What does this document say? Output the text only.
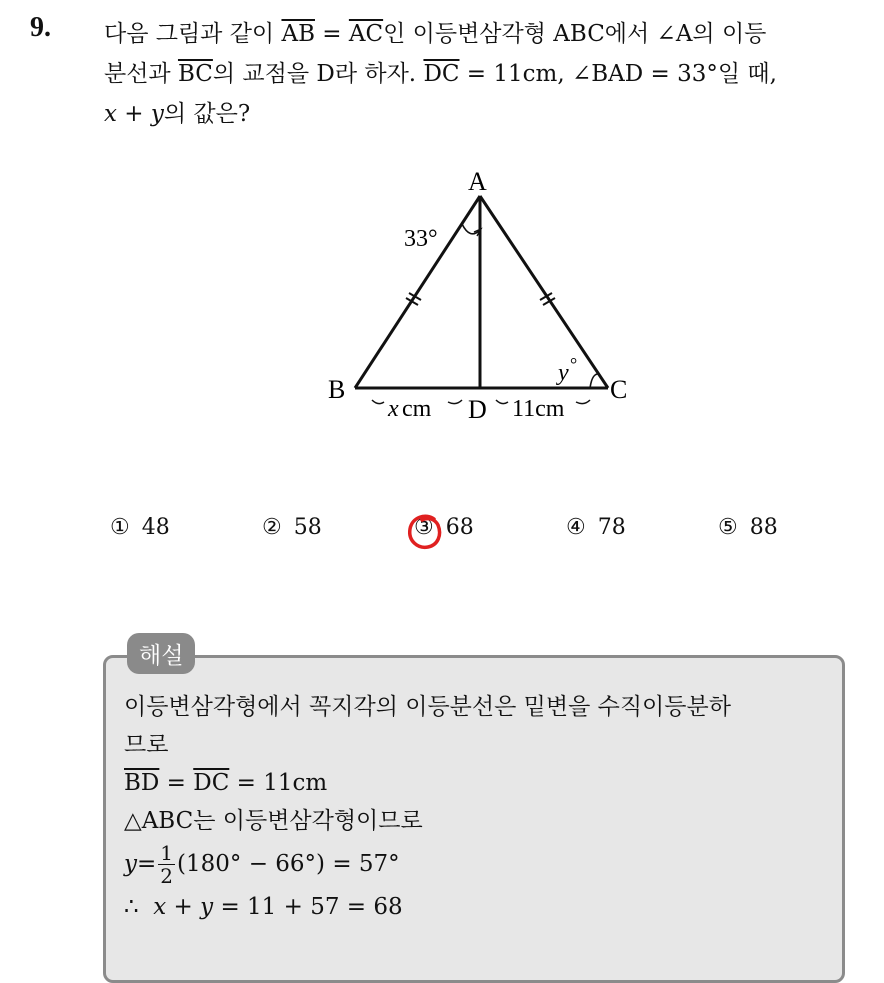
9. 다음 그림과 같이 $\overline{AB} = \overline{AC}$인 이등변삼각형 ABC에서 ∠A의 이등
분선과 $\overline{BC}$의 교점을 D라 하자. $\overline{DC} = 11cm$, ∠BAD = 33°일 때,
x + y의 값은?
A
B	C
D
33°
y °
x cm	11cm
① 48	② 58	③ 68	④ 78	⑤ 88
해설
이등변삼각형에서 꼭지각의 이등분선은 밑변을 수직이등분하
므로
$\overline{BD} = \overline{DC} = 11cm$
△ABC는 이등변삼각형이므로
$y = \frac{1}{2} (180^\circ - 66^\circ) = 57^\circ$
∴ x + y = 11 + 57 = 68
